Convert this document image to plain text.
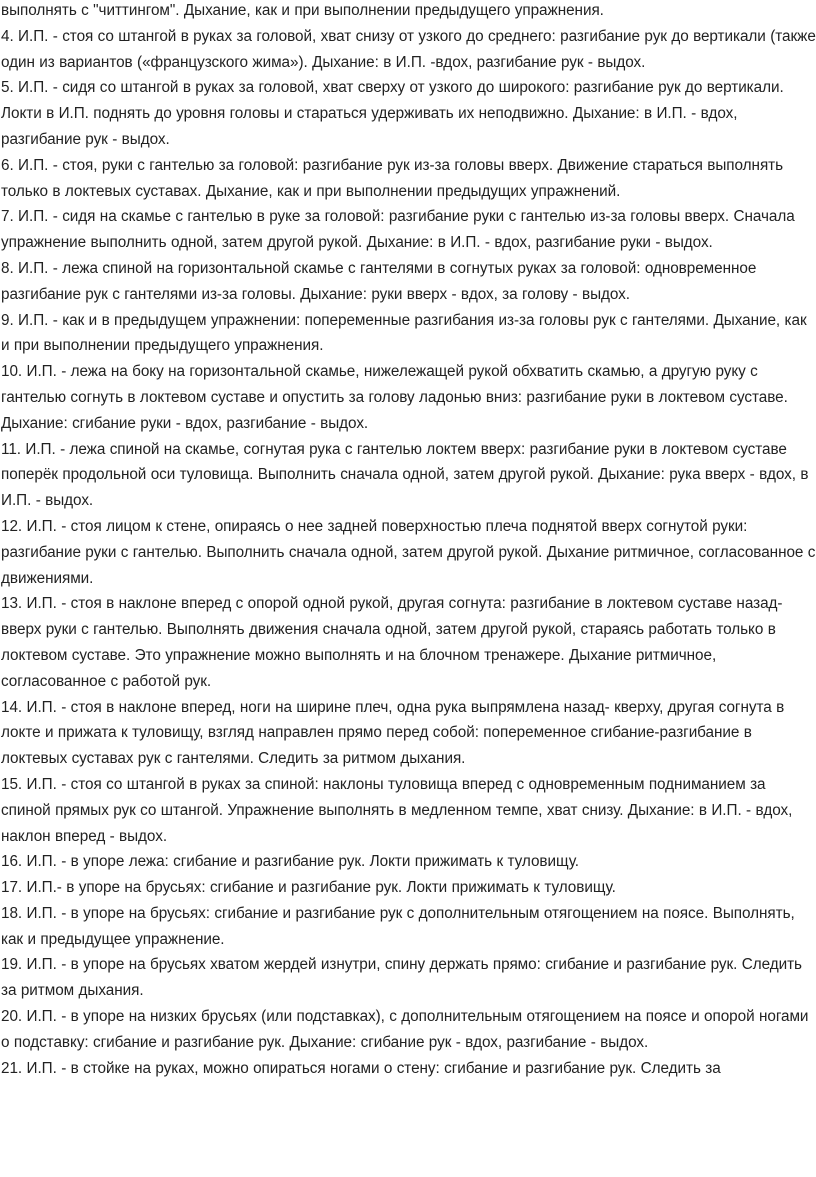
выполнять с "читтингом". Дыхание, как и при выполнении предыдущего упражнения.

4. И.П. - стоя со штангой в руках за головой, хват снизу от узкого до среднего: разгибание рук до вертикали (также один из вариантов («французского жима»). Дыхание: в И.П. -вдох, разгибание рук - выдох.

5. И.П. - сидя со штангой в руках за головой, хват сверху от узкого до широкого: разгибание рук до вертикали. Локти в И.П. поднять до уровня головы и стараться удерживать их неподвижно. Дыхание: в И.П. - вдох, разгибание рук - выдох.

6. И.П. - стоя, руки с гантелью за головой: разгибание рук из-за головы вверх. Движение стараться выполнять только в локтевых суставах. Дыхание, как и при выполнении предыдущих упражнений.

7. И.П. - сидя на скамье с гантелью в руке за головой: разгибание руки с гантелью из-за головы вверх. Сначала упражнение выполнить одной, затем другой рукой. Дыхание: в И.П. - вдох, разгибание руки - выдох.

8. И.П. - лежа спиной на горизонтальной скамье с гантелями в согнутых руках за головой: одновременное разгибание рук с гантелями из-за головы. Дыхание: руки вверх - вдох, за голову - выдох.

9. И.П. - как и в предыдущем упражнении: попеременные разгибания из-за головы рук с гантелями. Дыхание, как и при выполнении предыдущего упражнения.

10. И.П. - лежа на боку на горизонтальной скамье, нижележащей рукой обхватить скамью, а другую руку с гантелью согнуть в локтевом суставе и опустить за голову ладонью вниз: разгибание руки в локтевом суставе. Дыхание: сгибание руки - вдох, разгибание - выдох.

11. И.П. - лежа спиной на скамье, согнутая рука с гантелью локтем вверх: разгибание руки в локтевом суставе поперёк продольной оси туловища. Выполнить сначала одной, затем другой рукой. Дыхание: рука вверх - вдох, в И.П. - выдох.

12. И.П. - стоя лицом к стене, опираясь о нее задней поверхностью плеча поднятой вверх согнутой руки: разгибание руки с гантелью. Выполнить сначала одной, затем другой рукой. Дыхание ритмичное, согласованное с движениями.

13. И.П. - стоя в наклоне вперед с опорой одной рукой, другая согнута: разгибание в локтевом суставе назад- вверх руки с гантелью. Выполнять движения сначала одной, затем другой рукой, стараясь работать только в локтевом суставе. Это упражнение можно выполнять и на блочном тренажере. Дыхание ритмичное, согласованное с работой рук.

14. И.П. - стоя в наклоне вперед, ноги на ширине плеч, одна рука выпрямлена назад- кверху, другая согнута в локте и прижата к туловищу, взгляд направлен прямо перед собой: попеременное сгибание-разгибание в локтевых суставах рук с гантелями. Следить за ритмом дыхания.

15. И.П. - стоя со штангой в руках за спиной: наклоны туловища вперед с одновременным подниманием за спиной прямых рук со штангой. Упражнение выполнять в медленном темпе, хват снизу. Дыхание: в И.П. - вдох, наклон вперед - выдох.

16. И.П. - в упоре лежа: сгибание и разгибание рук. Локти прижимать к туловищу.

17. И.П.- в упоре на брусьях: сгибание и разгибание рук. Локти прижимать к туловищу.

18. И.П. - в упоре на брусьях: сгибание и разгибание рук с дополнительным отягощением на поясе. Выполнять, как и предыдущее упражнение.

19. И.П. - в упоре на брусьях хватом жердей изнутри, спину держать прямо: сгибание и разгибание рук. Следить за ритмом дыхания.

20. И.П. - в упоре на низких брусьях (или подставках), с дополнительным отягощением на поясе и опорой ногами о подставку: сгибание и разгибание рук. Дыхание: сгибание рук - вдох, разгибание - выдох.

21. И.П. - в стойке на руках, можно опираться ногами о стену: сгибание и разгибание рук. Следить за
